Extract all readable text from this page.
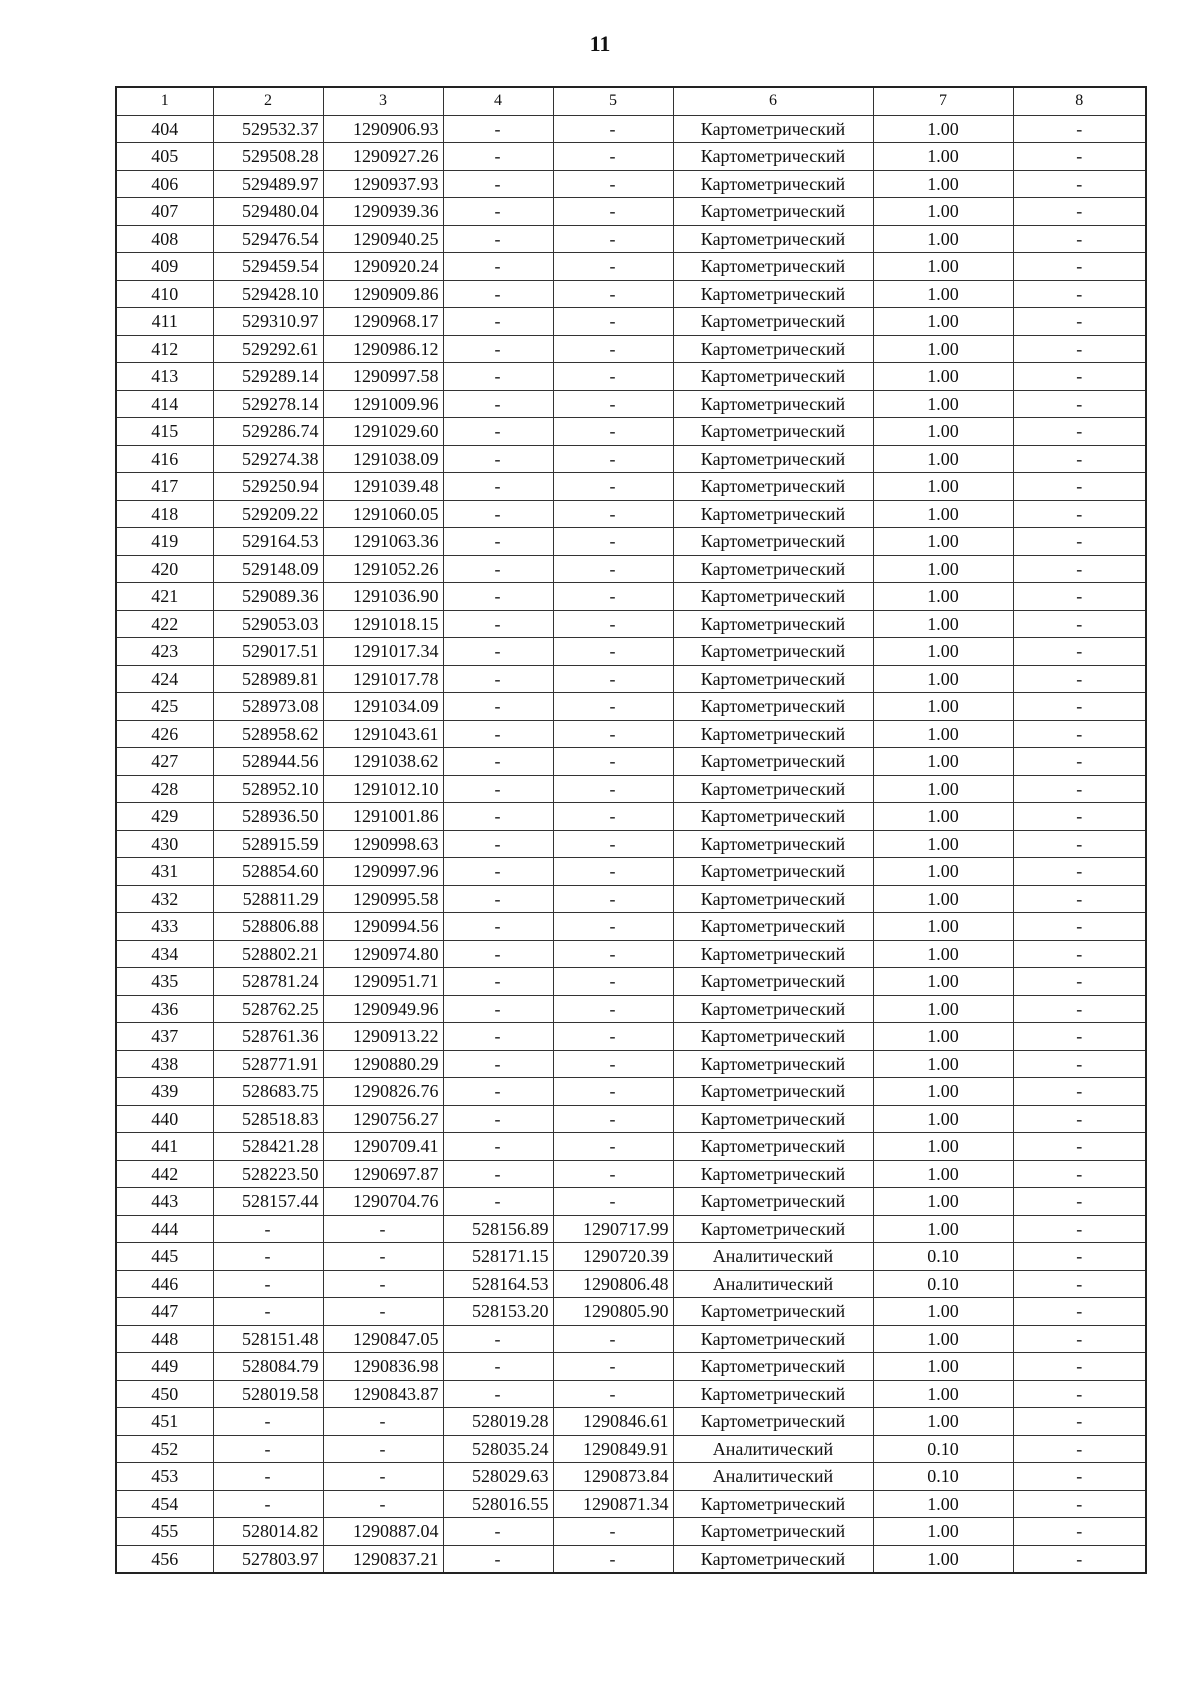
11
1	2	3	4	5	6	7	8
404	529532.37	1290906.93	-	-	Картометрический	1.00	-
405	529508.28	1290927.26	-	-	Картометрический	1.00	-
406	529489.97	1290937.93	-	-	Картометрический	1.00	-
407	529480.04	1290939.36	-	-	Картометрический	1.00	-
408	529476.54	1290940.25	-	-	Картометрический	1.00	-
409	529459.54	1290920.24	-	-	Картометрический	1.00	-
410	529428.10	1290909.86	-	-	Картометрический	1.00	-
411	529310.97	1290968.17	-	-	Картометрический	1.00	-
412	529292.61	1290986.12	-	-	Картометрический	1.00	-
413	529289.14	1290997.58	-	-	Картометрический	1.00	-
414	529278.14	1291009.96	-	-	Картометрический	1.00	-
415	529286.74	1291029.60	-	-	Картометрический	1.00	-
416	529274.38	1291038.09	-	-	Картометрический	1.00	-
417	529250.94	1291039.48	-	-	Картометрический	1.00	-
418	529209.22	1291060.05	-	-	Картометрический	1.00	-
419	529164.53	1291063.36	-	-	Картометрический	1.00	-
420	529148.09	1291052.26	-	-	Картометрический	1.00	-
421	529089.36	1291036.90	-	-	Картометрический	1.00	-
422	529053.03	1291018.15	-	-	Картометрический	1.00	-
423	529017.51	1291017.34	-	-	Картометрический	1.00	-
424	528989.81	1291017.78	-	-	Картометрический	1.00	-
425	528973.08	1291034.09	-	-	Картометрический	1.00	-
426	528958.62	1291043.61	-	-	Картометрический	1.00	-
427	528944.56	1291038.62	-	-	Картометрический	1.00	-
428	528952.10	1291012.10	-	-	Картометрический	1.00	-
429	528936.50	1291001.86	-	-	Картометрический	1.00	-
430	528915.59	1290998.63	-	-	Картометрический	1.00	-
431	528854.60	1290997.96	-	-	Картометрический	1.00	-
432	528811.29	1290995.58	-	-	Картометрический	1.00	-
433	528806.88	1290994.56	-	-	Картометрический	1.00	-
434	528802.21	1290974.80	-	-	Картометрический	1.00	-
435	528781.24	1290951.71	-	-	Картометрический	1.00	-
436	528762.25	1290949.96	-	-	Картометрический	1.00	-
437	528761.36	1290913.22	-	-	Картометрический	1.00	-
438	528771.91	1290880.29	-	-	Картометрический	1.00	-
439	528683.75	1290826.76	-	-	Картометрический	1.00	-
440	528518.83	1290756.27	-	-	Картометрический	1.00	-
441	528421.28	1290709.41	-	-	Картометрический	1.00	-
442	528223.50	1290697.87	-	-	Картометрический	1.00	-
443	528157.44	1290704.76	-	-	Картометрический	1.00	-
444	-	-	528156.89	1290717.99	Картометрический	1.00	-
445	-	-	528171.15	1290720.39	Аналитический	0.10	-
446	-	-	528164.53	1290806.48	Аналитический	0.10	-
447	-	-	528153.20	1290805.90	Картометрический	1.00	-
448	528151.48	1290847.05	-	-	Картометрический	1.00	-
449	528084.79	1290836.98	-	-	Картометрический	1.00	-
450	528019.58	1290843.87	-	-	Картометрический	1.00	-
451	-	-	528019.28	1290846.61	Картометрический	1.00	-
452	-	-	528035.24	1290849.91	Аналитический	0.10	-
453	-	-	528029.63	1290873.84	Аналитический	0.10	-
454	-	-	528016.55	1290871.34	Картометрический	1.00	-
455	528014.82	1290887.04	-	-	Картометрический	1.00	-
456	527803.97	1290837.21	-	-	Картометрический	1.00	-
